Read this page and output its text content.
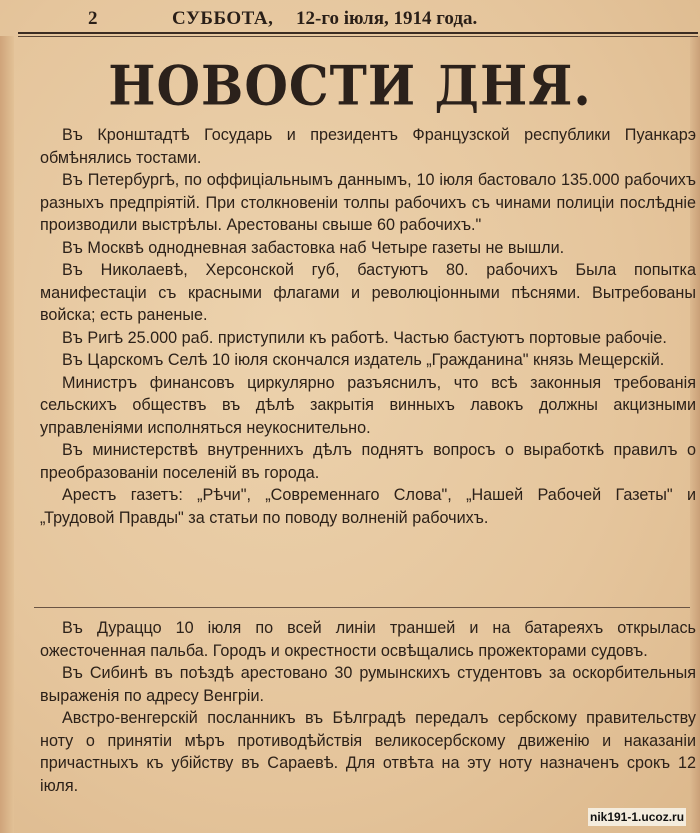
2	СУББОТА, 12-го іюля, 1914 года.
НОВОСТИ ДНЯ.

Въ Кронштадтѣ Государь и президентъ Французской республики Пуанкарэ обмѣнялись тостами.

Въ Петербургѣ, по оффиціальнымъ даннымъ, 10 іюля бастовало 135.000 рабочихъ разныхъ предпріятій. При столкновеніи толпы рабочихъ съ чинами полиціи послѣдніе производили выстрѣлы. Арестованы свыше 60 рабочихъ."

Въ Москвѣ однодневная забастовка наб Четыре газеты не вышли.

Въ Николаевѣ, Херсонской губ, бастуютъ 80. рабочихъ Была попытка манифестаціи съ красными флагами и революціонными пѣснями. Вытребованы войска; есть раненые.

Въ Ригѣ 25.000 раб. приступили къ работѣ. Частью бастуютъ портовые рабочіе.

Въ Царскомъ Селѣ 10 іюля скончался издатель „Гражданина" князь Мещерскій.

Министръ финансовъ циркулярно разъяснилъ, что всѣ законныя требованія сельскихъ обществъ въ дѣлѣ закрытія винныхъ лавокъ должны акцизными управленіями исполняться неукоснительно.

Въ министерствѣ внутреннихъ дѣлъ поднятъ вопросъ о выработкѣ правилъ о преобразованіи поселеній въ города.

Арестъ газетъ: „Рѣчи", „Современнаго Слова", „Нашей Рабочей Газеты" и „Трудовой Правды" за статьи по поводу волненій рабочихъ.

Въ Дураццо 10 іюля по всей линіи траншей и на батареяхъ открылась ожесточенная пальба. Городъ и окрестности освѣщались прожекторами судовъ.

Въ Сибинѣ въ поѣздѣ арестовано 30 румынскихъ студентовъ за оскорбительныя выраженія по адресу Венгріи.

Австро-венгерскій посланникъ въ Бѣлградѣ передалъ сербскому правительству ноту о принятіи мѣръ противодѣйствія великосербскому движенію и наказаніи причастныхъ къ убійству въ Сараевѣ. Для отвѣта на эту ноту назначенъ срокъ 12 іюля.

nik191-1.ucoz.ru
